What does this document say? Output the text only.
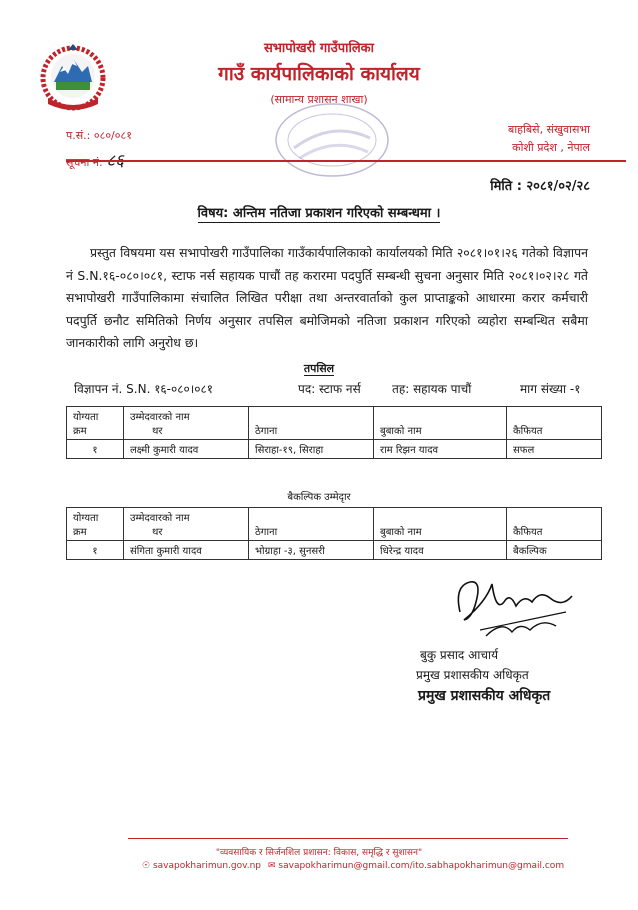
सभापोखरी गाउँपालिका
गाउँ कार्यपालिकाको कार्यालय
(सामान्य प्रशासन शाखा)
प.सं.: ०८०/०८१
सूचना नं: ८६
बाहबिसे, संखुवासभा
कोशी प्रदेश , नेपाल
मिति : २०८१/०२/२८
विषय: अन्तिम नतिजा प्रकाशन गरिएको सम्बन्धमा ।
प्रस्तुत विषयमा यस सभापोखरी गाउँपालिका गाउँकार्यपालिकाको कार्यालयको मिति २०८१।०१।२६ गतेको विज्ञापन नं S.N.१६-०८०।०८१, स्टाफ नर्स सहायक पाचौं तह करारमा पदपुर्ति सम्बन्धी सुचना अनुसार मिति २०८१।०२।२८ गते सभापोखरी गाउँपालिकामा संचालित लिखित परीक्षा तथा अन्तरवार्ताको कुल प्राप्ताङ्कको आधारमा करार कर्मचारी पदपुर्ति छनौट समितिको निर्णय अनुसार तपसिल बमोजिमको नतिजा प्रकाशन गरिएको व्यहोरा सम्बन्धित सबैमा जानकारीको लागि अनुरोध छ।
तपसिल
विज्ञापन नं. S.N. १६-०८०।०८१	पद: स्टाफ नर्स	तह: सहायक पाचौं	माग संख्या -१
योग्यता
क्रम	उम्मेदवारको नाम
थर	ठेगाना	बुबाको नाम	कैफियत
१	लक्ष्मी कुमारी यादव	सिराहा-१९, सिराहा	राम रिझन यादव	सफल
बैकल्पिक उम्मेदृार
योग्यता
क्रम	उम्मेदवारको नाम
थर	ठेगाना	बुबाको नाम	कैफियत
१	संगिता कुमारी यादव	भोग्राहा -३, सुनसरी	धिरेन्द्र यादव	बैकल्पिक
बुकु प्रसाद आचार्य
प्रमुख प्रशासकीय अधिकृत
प्रमुख प्रशासकीय अधिकृत
"व्यवसायिक र सिर्जनशिल प्रशासन: विकास, समृद्धि र सुशासन"
☉ savapokharimun.gov.np ✉ savapokharimun@gmail.com/ito.sabhapokharimun@gmail.com
